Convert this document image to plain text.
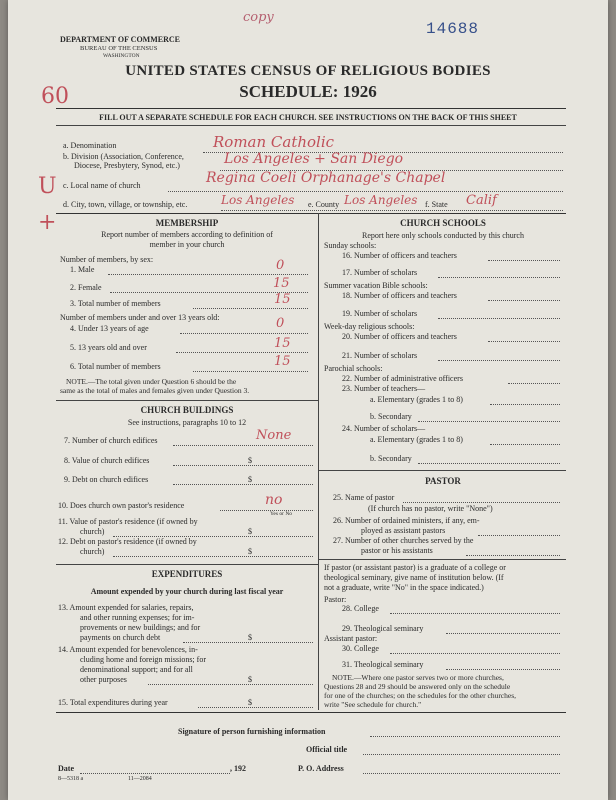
copy
14688
DEPARTMENT OF COMMERCE
BUREAU OF THE CENSUS
WASHINGTON
UNITED STATES CENSUS OF RELIGIOUS BODIES
SCHEDULE: 1926
60
FILL OUT A SEPARATE SCHEDULE FOR EACH CHURCH. SEE INSTRUCTIONS ON THE BACK OF THIS SHEET
a. Denomination	Roman Catholic
b. Division (Association, Conference,
Diocese, Presbytery, Synod, etc.)	Los Angeles + San Diego
c. Local name of church	Regina Coeli Orphanage's Chapel
U
d. City, town, village, or township, etc.	Los Angeles e. County Los Angeles f. State Calif
+	MEMBERSHIP
Report number of members according to definition of
member in your church
Number of members, by sex:
1. Male	0
2. Female	15
3. Total number of members	15
Number of members under and over 13 years old:
4. Under 13 years of age	0
5. 13 years old and over	15
6. Total number of members	15
NOTE.—The total given under Question 6 should be the
same as the total of males and females given under Question 3.
CHURCH BUILDINGS
See instructions, paragraphs 10 to 12
7. Number of church edifices	None
8. Value of church edifices	$
9. Debt on church edifices	$
10. Does church own pastor's residence	no
Yes or No
11. Value of pastor's residence (if owned by
church)	$
12. Debt on pastor's residence (if owned by
church)	$
EXPENDITURES
Amount expended by your church during last fiscal year
13. Amount expended for salaries, repairs,
and other running expenses; for im-
provements or new buildings; and for
payments on church debt	$
14. Amount expended for benevolences, in-
cluding home and foreign missions; for
denominational support; and for all
other purposes	$
15. Total expenditures during year	$
CHURCH SCHOOLS
Report here only schools conducted by this church
Sunday schools:
16. Number of officers and teachers
17. Number of scholars
Summer vacation Bible schools:
18. Number of officers and teachers
19. Number of scholars
Week-day religious schools:
20. Number of officers and teachers
21. Number of scholars
Parochial schools:
22. Number of administrative officers
23. Number of teachers—
a. Elementary (grades 1 to 8)
b. Secondary
24. Number of scholars—
a. Elementary (grades 1 to 8)
b. Secondary
PASTOR
25. Name of pastor
(If church has no pastor, write "None")
26. Number of ordained ministers, if any, em-
ployed as assistant pastors
27. Number of other churches served by the
pastor or his assistants
If pastor (or assistant pastor) is a graduate of a college or
theological seminary, give name of institution below. (If
not a graduate, write "No" in the space indicated.)
Pastor:
28. College
29. Theological seminary
Assistant pastor:
30. College
31. Theological seminary
NOTE.—Where one pastor serves two or more churches,
Questions 28 and 29 should be answered only on the schedule
for one of the churches; on the schedules for the other churches,
write "See schedule for church."
Signature of person furnishing information
Official title
Date	, 192	P. O. Address
8—5318 a	11—2084
